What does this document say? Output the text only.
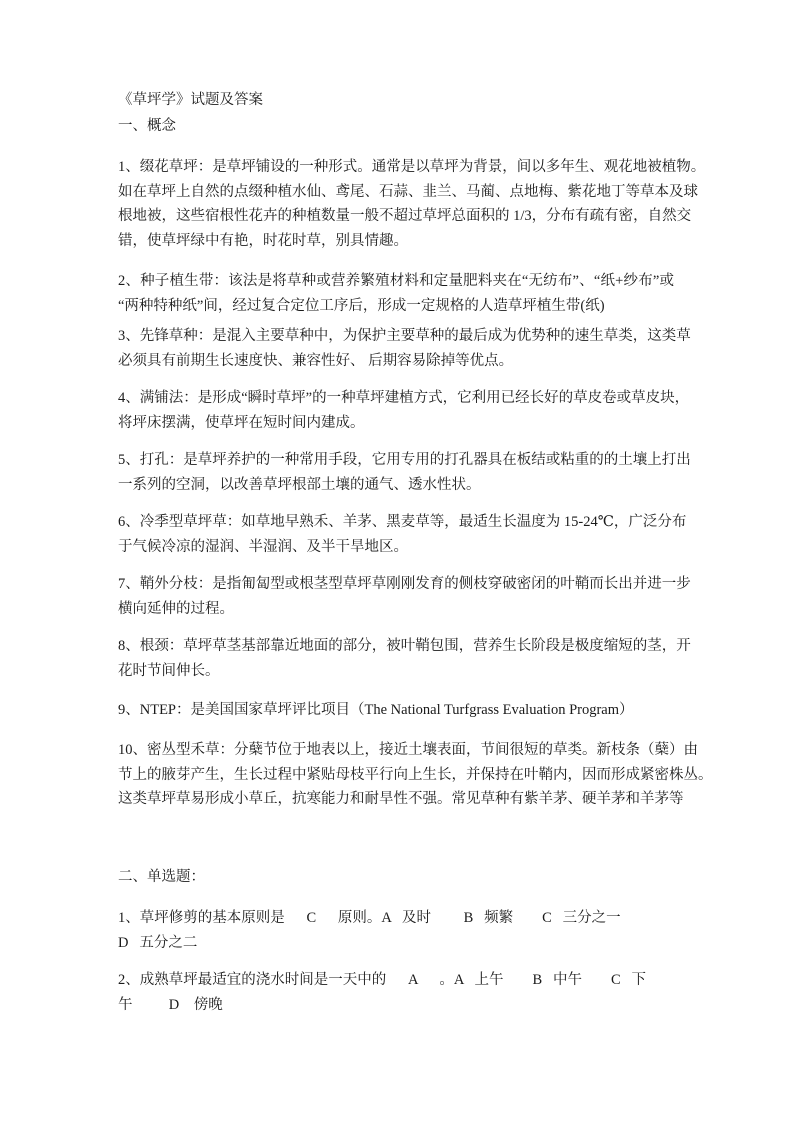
《草坪学》试题及答案
一、概念
1、缀花草坪：是草坪铺设的一种形式。通常是以草坪为背景，间以多年生、观花地被植物。
如在草坪上自然的点缀种植水仙、鸢尾、石蒜、韭兰、马蔺、点地梅、紫花地丁等草本及球
根地被，这些宿根性花卉的种植数量一般不超过草坪总面积的 1/3，分布有疏有密，自然交
错，使草坪绿中有艳，时花时草，别具情趣。
2、种子植生带：该法是将草种或营养繁殖材料和定量肥料夹在“无纺布”、“纸+纱布”或
“两种特种纸”间，经过复合定位工序后，形成一定规格的人造草坪植生带(纸)
3、先锋草种：是混入主要草种中，为保护主要草种的最后成为优势种的速生草类，这类草
必须具有前期生长速度快、兼容性好、 后期容易除掉等优点。
4、满铺法：是形成“瞬时草坪”的一种草坪建植方式，它利用已经长好的草皮卷或草皮块，
将坪床摆满，使草坪在短时间内建成。
5、打孔：是草坪养护的一种常用手段，它用专用的打孔器具在板结或粘重的的土壤上打出
一系列的空洞，以改善草坪根部土壤的通气、透水性状。
6、冷季型草坪草：如草地早熟禾、羊茅、黑麦草等，最适生长温度为 15-24℃，广泛分布
于气候冷凉的湿润、半湿润、及半干旱地区。
7、鞘外分枝：是指匍匐型或根茎型草坪草刚刚发育的侧枝穿破密闭的叶鞘而长出并进一步
横向延伸的过程。
8、根颈：草坪草茎基部靠近地面的部分，被叶鞘包围，营养生长阶段是极度缩短的茎，开
花时节间伸长。
9、NTEP：是美国国家草坪评比项目（The National Turfgrass Evaluation Program）
10、密丛型禾草：分蘖节位于地表以上，接近土壤表面，节间很短的草类。新枝条（蘖）由
节上的腋芽产生，生长过程中紧贴母枝平行向上生长，并保持在叶鞘内，因而形成紧密株丛。
这类草坪草易形成小草丘，抗寒能力和耐旱性不强。常见草种有紫羊茅、硬羊茅和羊茅等
二、单选题：
1、草坪修剪的基本原则是      C      原则。A   及时         B   频繁        C   三分之一
D   五分之二
2、成熟草坪最适宜的浇水时间是一天中的      A      。A   上午        B   中午        C   下
午          D    傍晚
